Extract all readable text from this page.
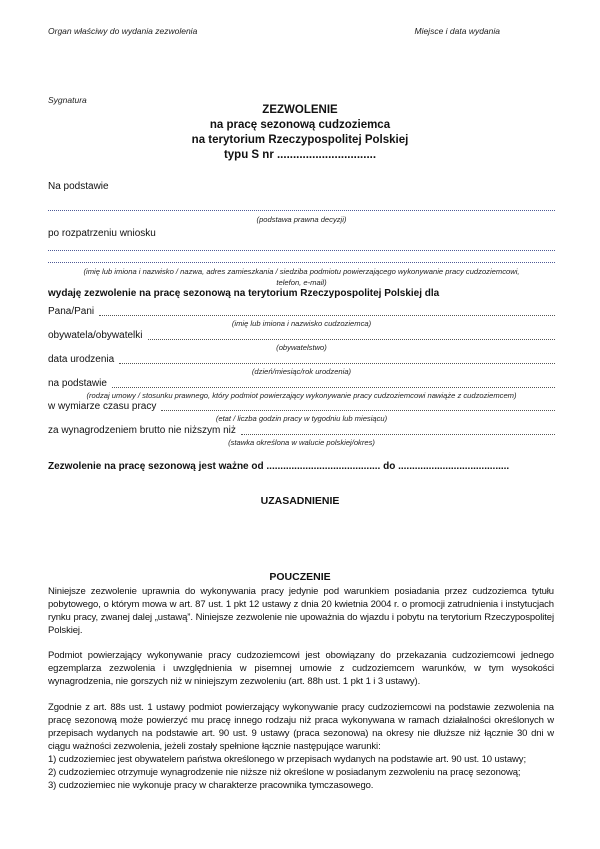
Organ właściwy do wydania zezwolenia	Miejsce i data wydania
Sygnatura
ZEZWOLENIE
na pracę sezonową cudzoziemca
na terytorium Rzeczypospolitej Polskiej
typu S nr ...............................
Na podstawie
(podstawa prawna decyzji)
po rozpatrzeniu wniosku
(imię lub imiona i nazwisko / nazwa, adres zamieszkania / siedziba podmiotu powierzającego wykonywanie pracy cudzoziemcowi,
telefon, e-mail)
wydaję zezwolenie na pracę sezonową na terytorium Rzeczypospolitej Polskiej dla
Pana/Pani
(imię lub imiona i nazwisko cudzoziemca)
obywatela/obywatelki
(obywatelstwo)
data urodzenia
(dzień/miesiąc/rok urodzenia)
na podstawie
(rodzaj umowy / stosunku prawnego, który podmiot powierzający wykonywanie pracy cudzoziemcowi nawiąże z cudzoziemcem)
w wymiarze czasu pracy
(etat / liczba godzin pracy w tygodniu lub miesiącu)
za wynagrodzeniem brutto nie niższym niż
(stawka określona w walucie polskiej/okres)
Zezwolenie na pracę sezonową jest ważne od ......................................... do ........................................
UZASADNIENIE
POUCZENIE
Niniejsze zezwolenie uprawnia do wykonywania pracy jedynie pod warunkiem posiadania przez cudzoziemca tytułu pobytowego, o którym mowa w art. 87 ust. 1 pkt 12 ustawy z dnia 20 kwietnia 2004 r. o promocji zatrudnienia i instytucjach rynku pracy, zwanej dalej „ustawą”. Niniejsze zezwolenie nie upoważnia do wjazdu i pobytu na terytorium Rzeczypospolitej Polskiej.
Podmiot powierzający wykonywanie pracy cudzoziemcowi jest obowiązany do przekazania cudzoziemcowi jednego egzemplarza zezwolenia i uwzględnienia w pisemnej umowie z cudzoziemcem warunków, w tym wysokości wynagrodzenia, nie gorszych niż w niniejszym zezwoleniu (art. 88h ust. 1 pkt 1 i 3 ustawy).
Zgodnie z art. 88s ust. 1 ustawy podmiot powierzający wykonywanie pracy cudzoziemcowi na podstawie zezwolenia na pracę sezonową może powierzyć mu pracę innego rodzaju niż praca wykonywana w ramach działalności określonych w przepisach wydanych na podstawie art. 90 ust. 9 ustawy (praca sezonowa) na okresy nie dłuższe niż łącznie 30 dni w ciągu ważności zezwolenia, jeżeli zostały spełnione łącznie następujące warunki:
1) cudzoziemiec jest obywatelem państwa określonego w przepisach wydanych na podstawie art. 90 ust. 10 ustawy;
2) cudzoziemiec otrzymuje wynagrodzenie nie niższe niż określone w posiadanym zezwoleniu na pracę sezonową;
3) cudzoziemiec nie wykonuje pracy w charakterze pracownika tymczasowego.
